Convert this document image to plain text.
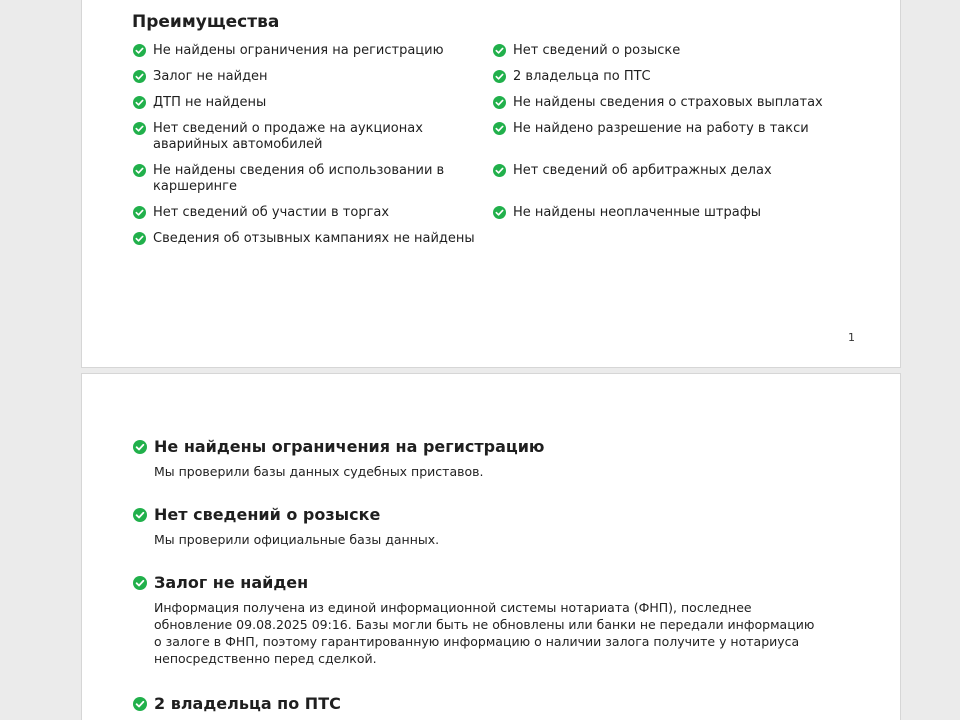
Преимущества
Не найдены ограничения на регистрацию
Залог не найден
ДТП не найдены
Нет сведений о продаже на аукционах аварийных автомобилей
Не найдены сведения об использовании в каршеринге
Нет сведений об участии в торгах
Сведения об отзывных кампаниях не найдены
Нет сведений о розыске
2 владельца по ПТС
Не найдены сведения о страховых выплатах
Не найдено разрешение на работу в такси
Нет сведений об арбитражных делах
Не найдены неоплаченные штрафы
1
Не найдены ограничения на регистрацию

Мы проверили базы данных судебных приставов.

Нет сведений о розыске

Мы проверили официальные базы данных.

Залог не найден

Информация получена из единой информационной системы нотариата (ФНП), последнее обновление 09.08.2025 09:16. Базы могли быть не обновлены или банки не передали информацию о залоге в ФНП, поэтому гарантированную информацию о наличии залога получите у нотариуса непосредственно перед сделкой.

2 владельца по ПТС
